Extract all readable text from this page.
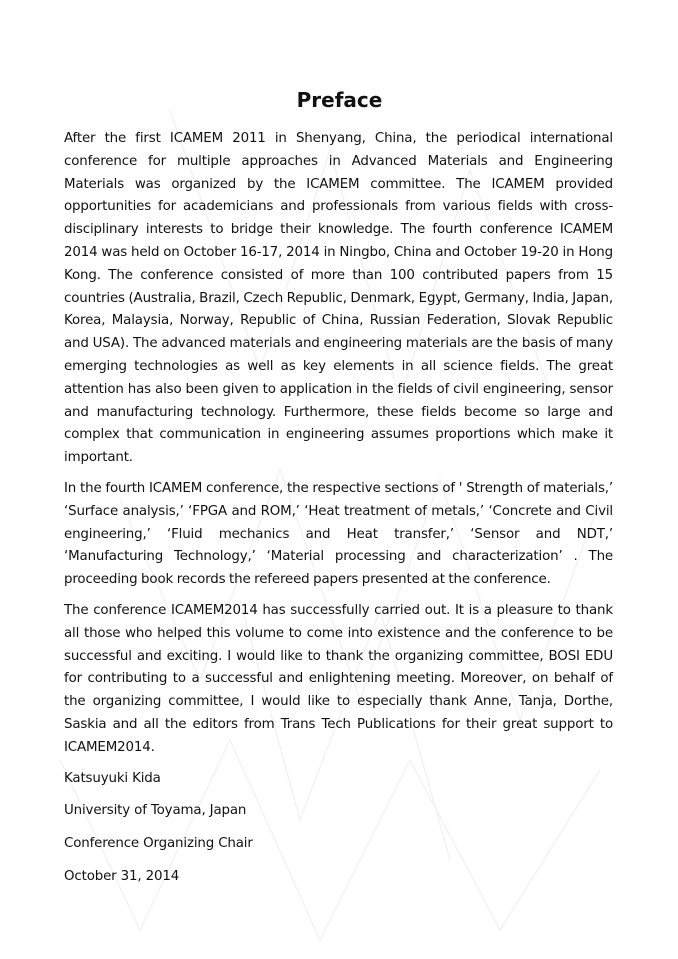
Preface

After the first ICAMEM 2011 in Shenyang, China, the periodical international conference for multiple approaches in Advanced Materials and Engineering Materials was organized by the ICAMEM committee. The ICAMEM provided opportunities for academicians and professionals from various fields with cross-disciplinary interests to bridge their knowledge. The fourth conference ICAMEM 2014 was held on October 16-17, 2014 in Ningbo, China and October 19-20 in Hong Kong. The conference consisted of more than 100 contributed papers from 15 countries (Australia, Brazil, Czech Republic, Denmark, Egypt, Germany, India, Japan, Korea, Malaysia, Norway, Republic of China, Russian Federation, Slovak Republic and USA). The advanced materials and engineering materials are the basis of many emerging technologies as well as key elements in all science fields. The great attention has also been given to application in the fields of civil engineering, sensor and manufacturing technology. Furthermore, these fields become so large and complex that communication in engineering assumes proportions which make it important.

In the fourth ICAMEM conference, the respective sections of ' Strength of materials,’ ‘Surface analysis,’ ‘FPGA and ROM,’ ‘Heat treatment of metals,’ ‘Concrete and Civil engineering,’ ‘Fluid mechanics and Heat transfer,’ ‘Sensor and NDT,’ ‘Manufacturing Technology,’ ‘Material processing and characterization’ . The proceeding book records the refereed papers presented at the conference.

The conference ICAMEM2014 has successfully carried out. It is a pleasure to thank all those who helped this volume to come into existence and the conference to be successful and exciting. I would like to thank the organizing committee, BOSI EDU for contributing to a successful and enlightening meeting. Moreover, on behalf of the organizing committee, I would like to especially thank Anne, Tanja, Dorthe, Saskia and all the editors from Trans Tech Publications for their great support to ICAMEM2014.

Katsuyuki Kida

University of Toyama, Japan

Conference Organizing Chair

October 31, 2014
